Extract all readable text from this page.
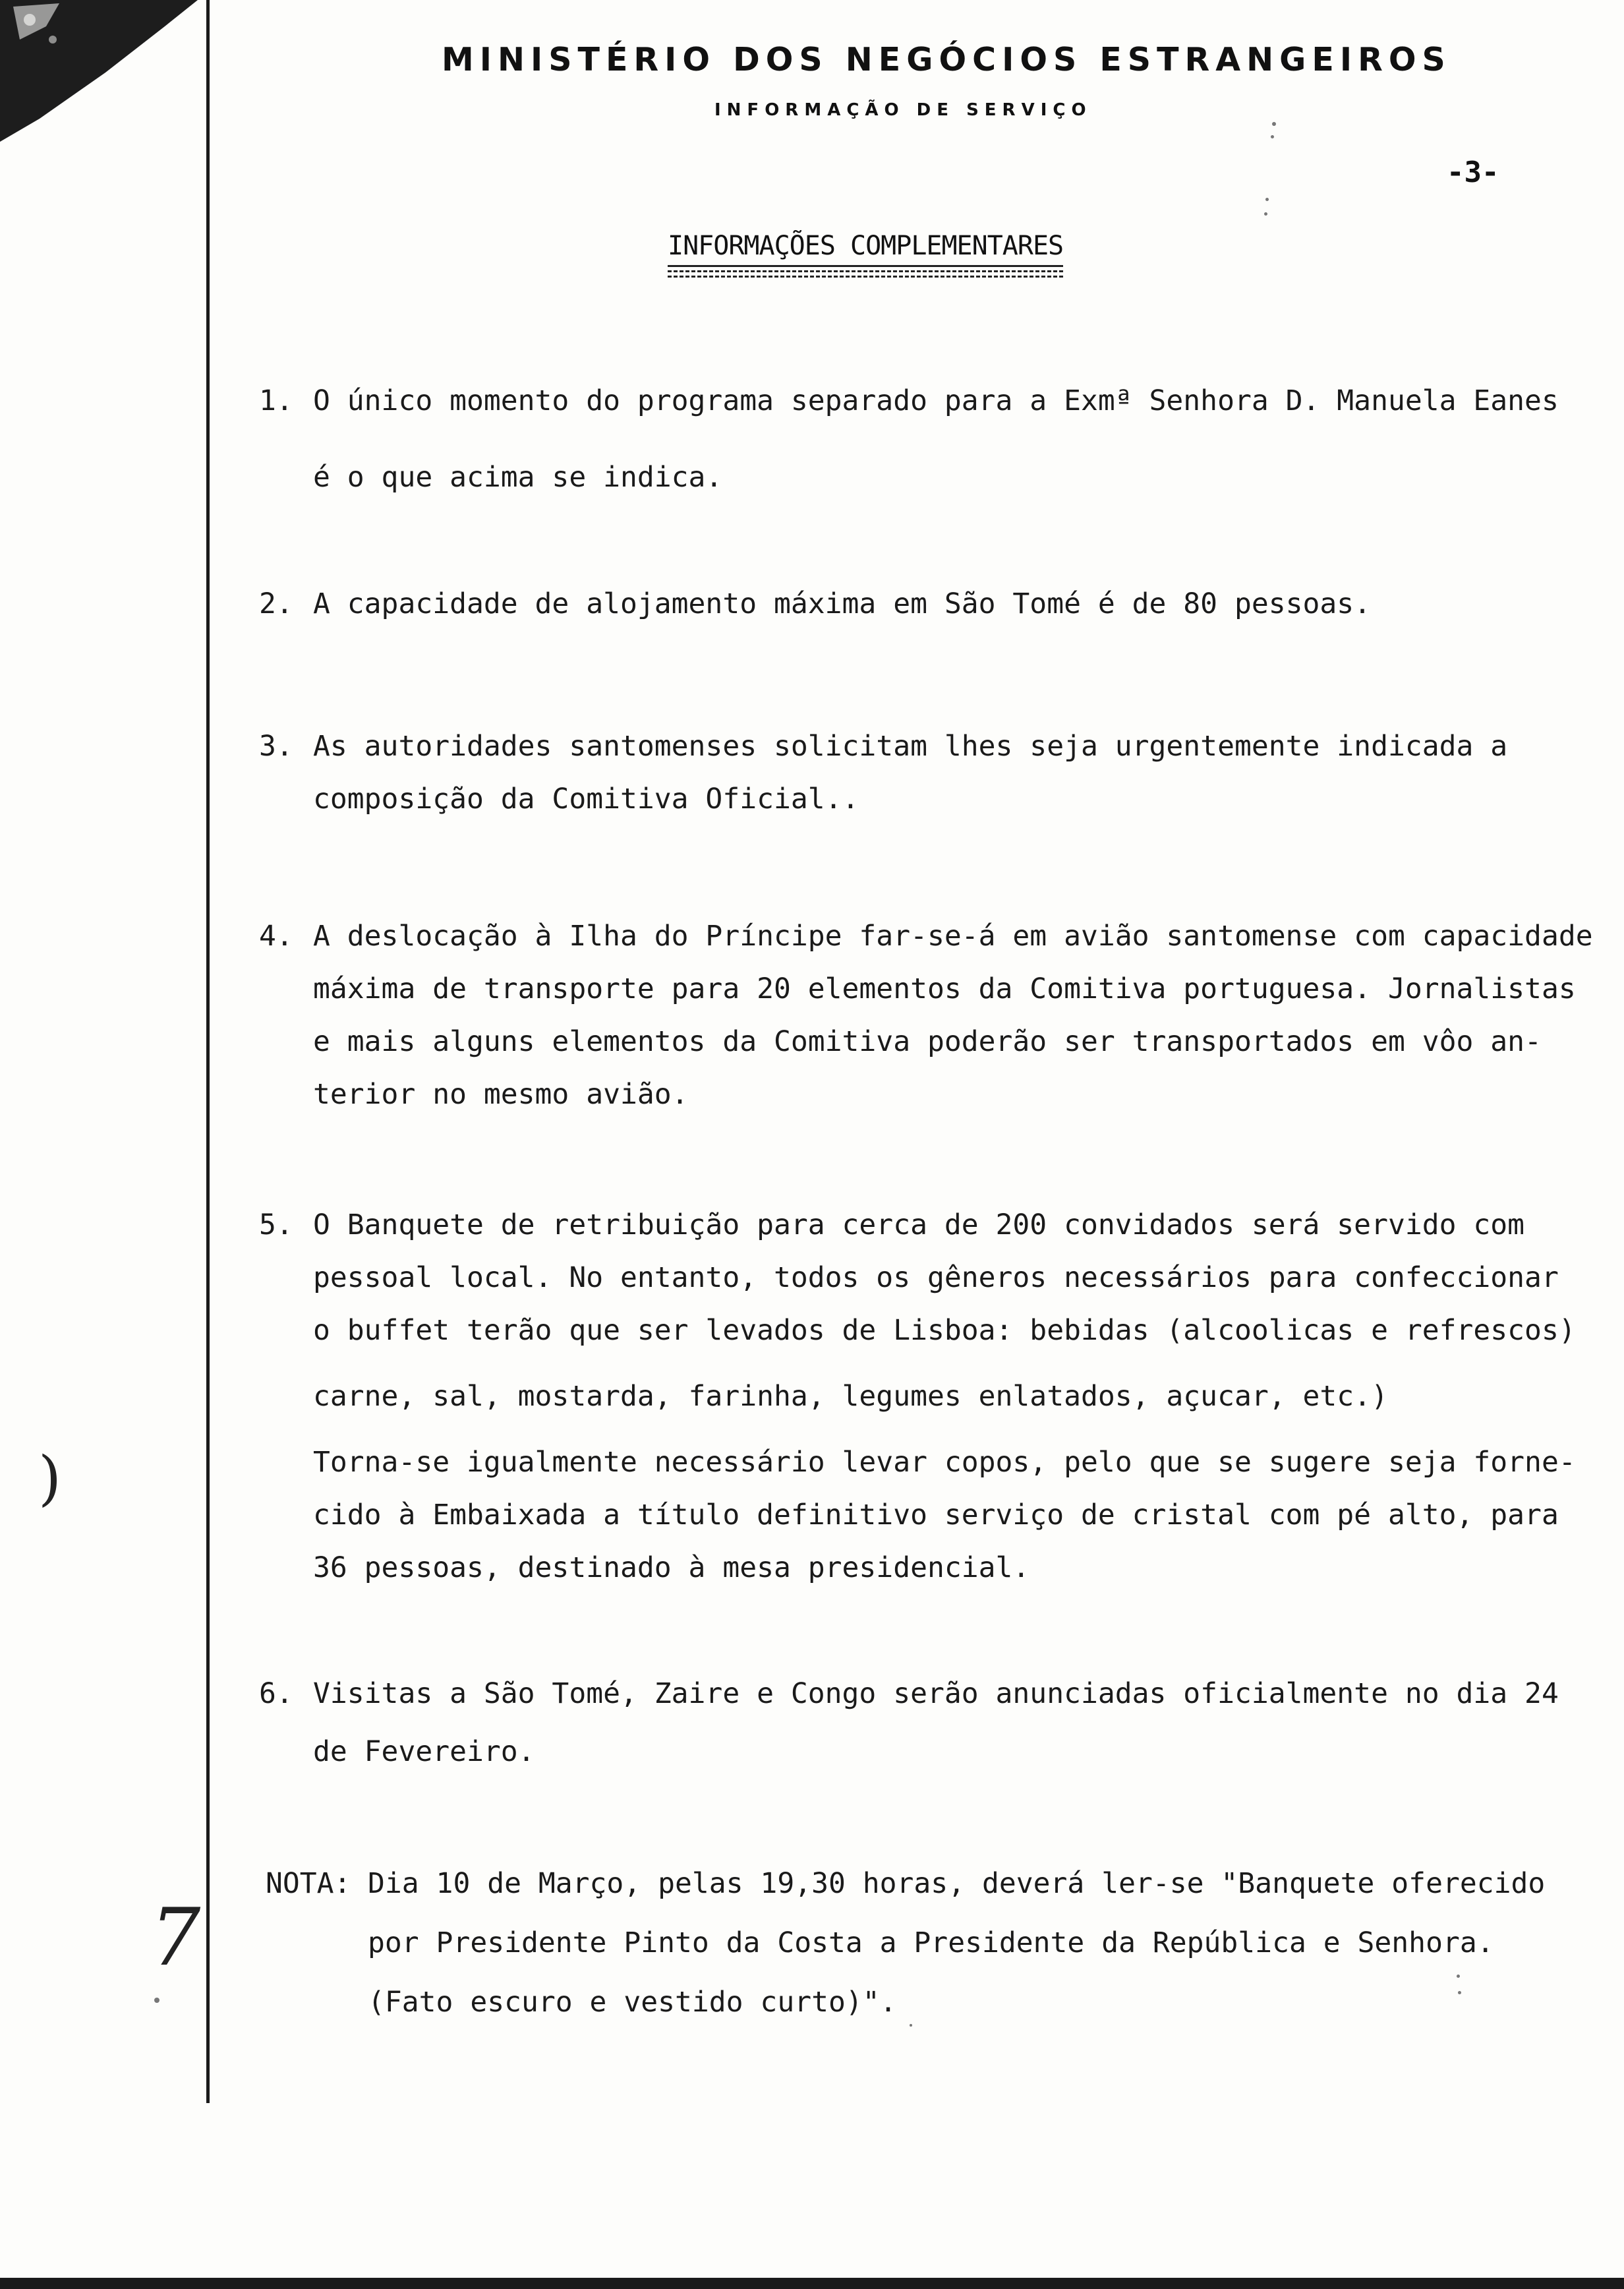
MINISTÉRIO DOS NEGÓCIOS ESTRANGEIROS
INFORMAÇÃO DE SERVIÇO
-3-
INFORMAÇÕES COMPLEMENTARES
1. O único momento do programa separado para a Exmª Senhora D. Manuela Eanes

é o que acima se indica.

2. A capacidade de alojamento máxima em São Tomé é de 80 pessoas.

3. As autoridades santomenses solicitam lhes seja urgentemente indicada a

composição da Comitiva Oficial..

4. A deslocação à Ilha do Príncipe far-se-á em avião santomense com capacidade

máxima de transporte para 20 elementos da Comitiva portuguesa. Jornalistas

e mais alguns elementos da Comitiva poderão ser transportados em vôo an-

terior no mesmo avião.

5. O Banquete de retribuição para cerca de 200 convidados será servido com

pessoal local. No entanto, todos os gêneros necessários para confeccionar

o buffet terão que ser levados de Lisboa: bebidas (alcoolicas e refrescos)

carne, sal, mostarda, farinha, legumes enlatados, açucar, etc.)

Torna-se igualmente necessário levar copos, pelo que se sugere seja forne-

cido à Embaixada a título definitivo serviço de cristal com pé alto, para

36 pessoas, destinado à mesa presidencial.

6. Visitas a São Tomé, Zaire e Congo serão anunciadas oficialmente no dia 24

de Fevereiro.

NOTA: Dia 10 de Março, pelas 19,30 horas, deverá ler-se "Banquete oferecido

por Presidente Pinto da Costa a Presidente da República e Senhora.

(Fato escuro e vestido curto)".

)
7
